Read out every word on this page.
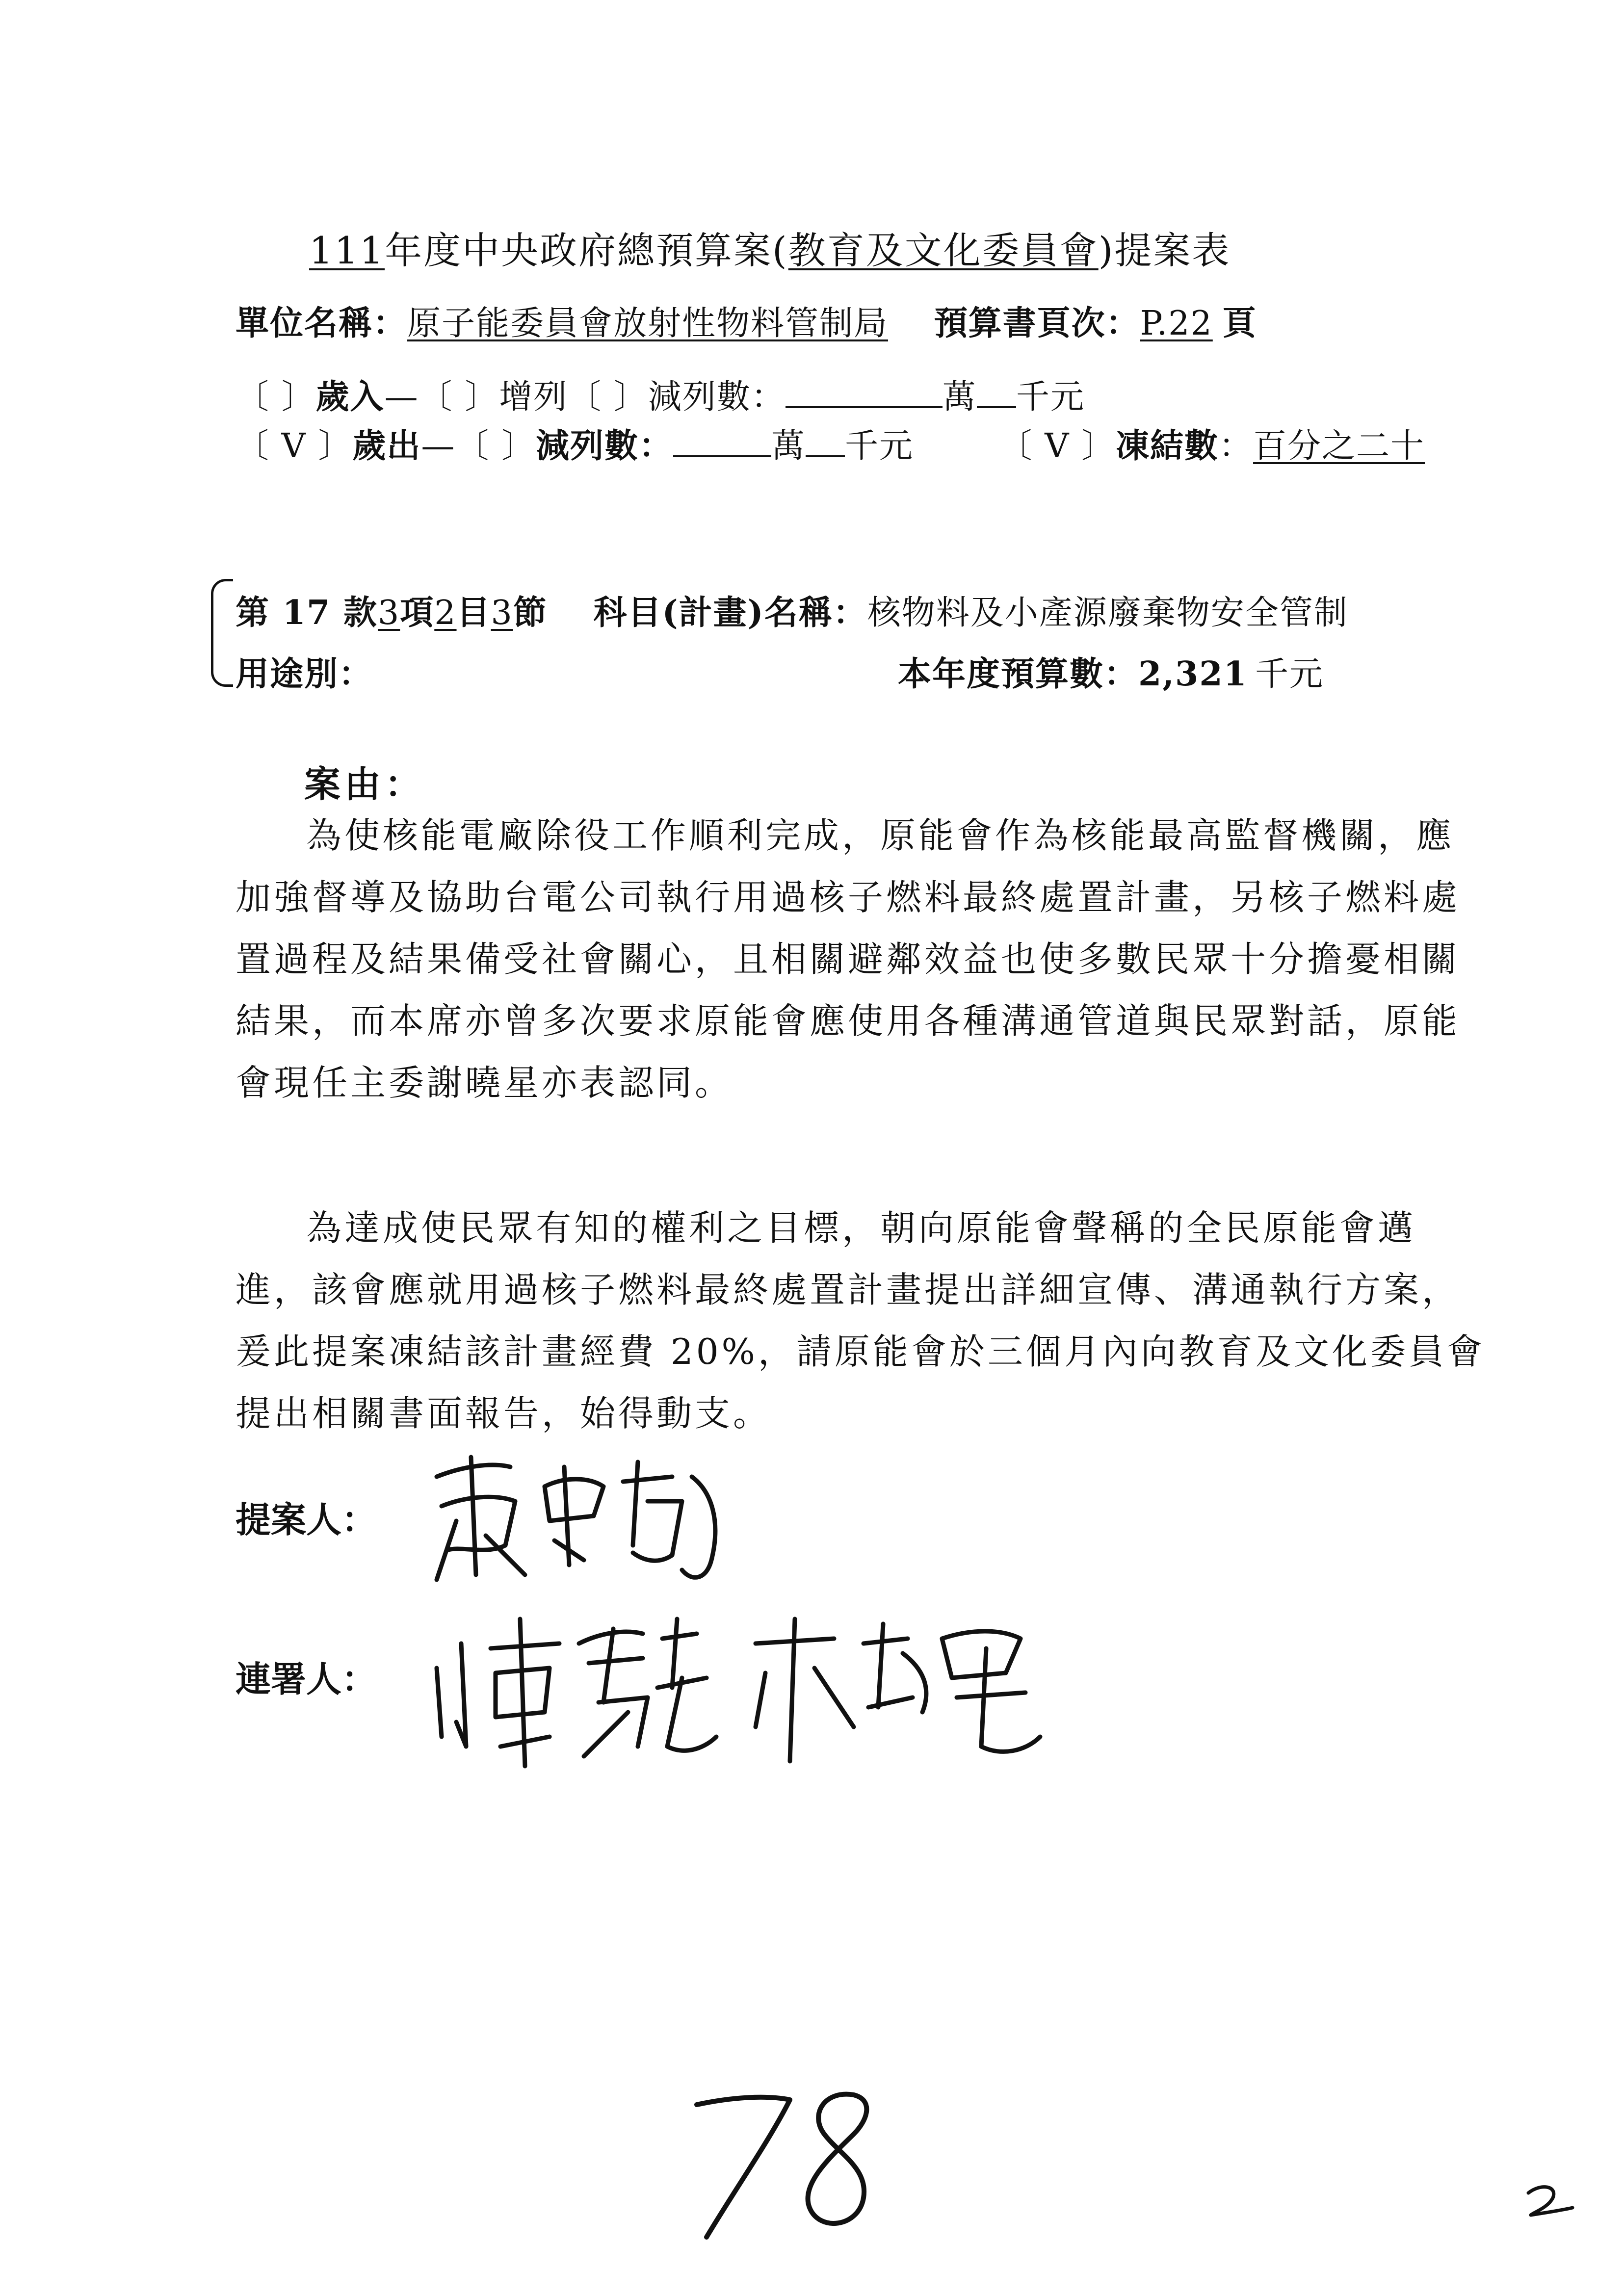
111年度中央政府總預算案(教育及文化委員會)提案表
單位名稱：原子能委員會放射性物料管制局 預算書頁次：P.22 頁
〔 〕歲入—〔 〕增列〔 〕減列數：	萬 千元
〔 V 〕歲出—〔 〕減列數：	萬 千元	〔 V 〕凍結數：百分之二十
第 17 款3項2目3節 科目(計畫)名稱：核物料及小產源廢棄物安全管制
用途別：	本年度預算數：2,321 千元
案由：
為使核能電廠除役工作順利完成，原能會作為核能最高監督機關，應加強督導及協助台電公司執行用過核子燃料最終處置計畫，另核子燃料處置過程及結果備受社會關心，且相關避鄰效益也使多數民眾十分擔憂相關結果，而本席亦曾多次要求原能會應使用各種溝通管道與民眾對話，原能會現任主委謝曉星亦表認同。
為達成使民眾有知的權利之目標，朝向原能會聲稱的全民原能會邁進，該會應就用過核子燃料最終處置計畫提出詳細宣傳、溝通執行方案，爰此提案凍結該計畫經費 20%，請原能會於三個月內向教育及文化委員會提出相關書面報告，始得動支。
提案人：
連署人：
